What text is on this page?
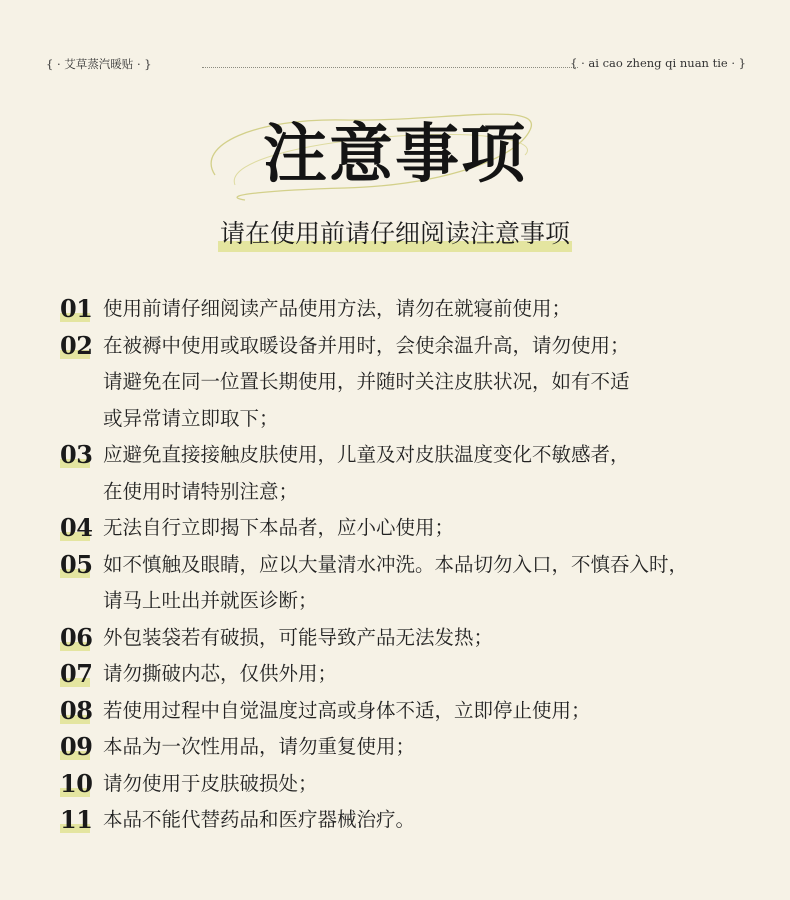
{ · 艾草蒸汽暖贴 · }	{ · ai cao zheng qi nuan tie · }
注意事项
请在使用前请仔细阅读注意事项
01 使用前请仔细阅读产品使用方法，请勿在就寝前使用；
02 在被褥中使用或取暖设备并用时，会使余温升高，请勿使用；
请避免在同一位置长期使用，并随时关注皮肤状况，如有不适
或异常请立即取下；
03 应避免直接接触皮肤使用，儿童及对皮肤温度变化不敏感者，
在使用时请特别注意；
04 无法自行立即揭下本品者，应小心使用；
05 如不慎触及眼睛，应以大量清水冲洗。本品切勿入口，不慎吞入时，
请马上吐出并就医诊断；
06 外包装袋若有破损，可能导致产品无法发热；
07 请勿撕破内芯，仅供外用；
08 若使用过程中自觉温度过高或身体不适，立即停止使用；
09 本品为一次性用品，请勿重复使用；
10 请勿使用于皮肤破损处；
11 本品不能代替药品和医疗器械治疗。
